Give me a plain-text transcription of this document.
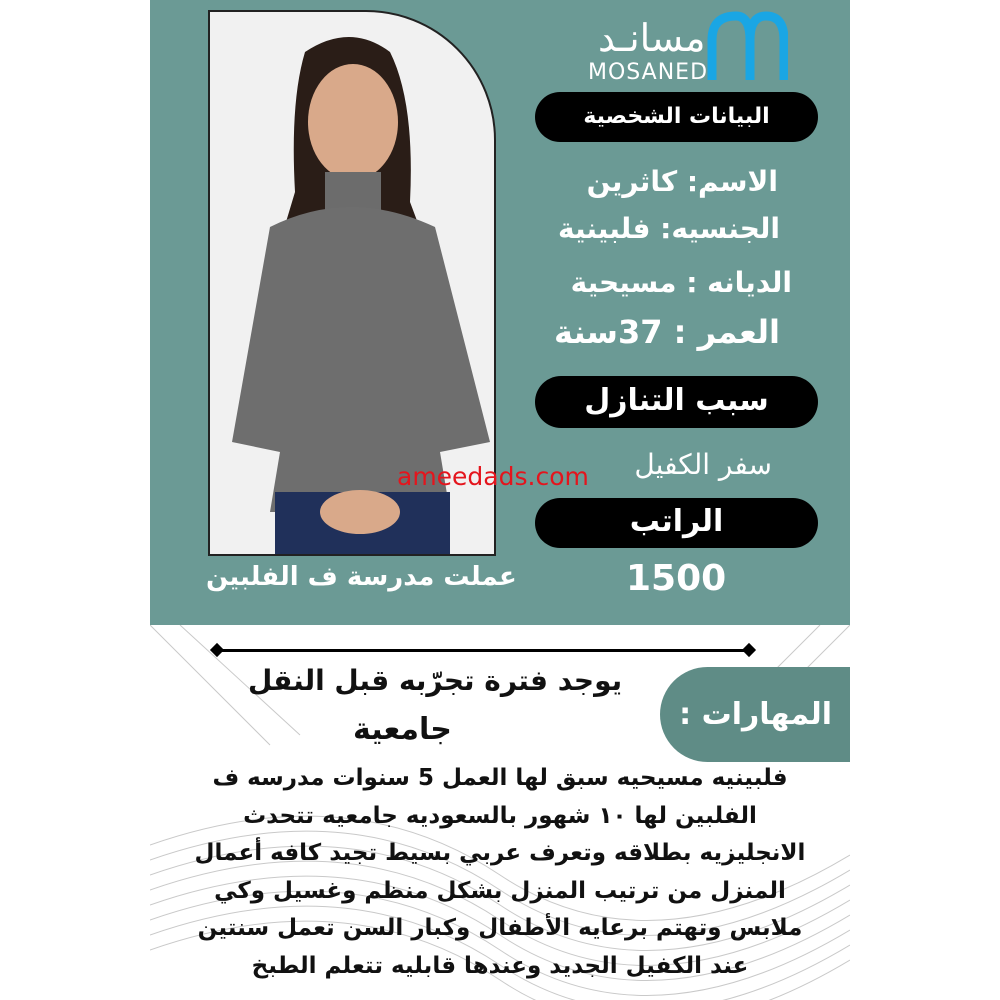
مسانـد
MOSANED
البيانات الشخصية
الاسم: كاثرين
الجنسيه: فلبينية
الديانه : مسيحية
العمر : 37سنة
سبب التنازل
سفر الكفيل
الراتب
1500
عملت مدرسة ف الفلبين
ameedads.com
المهارات :
يوجد فترة تجرّبه قبل النقل
جامعية
فلبينيه مسيحيه سبق لها العمل 5 سنوات مدرسه ف
الفلبين لها ١٠ شهور بالسعوديه جامعيه تتحدث
الانجليزيه بطلاقه وتعرف عربي بسيط تجيد كافه أعمال
المنزل من ترتيب المنزل بشكل منظم وغسيل وكي
ملابس وتهتم برعايه الأطفال وكبار السن تعمل سنتين
عند الكفيل الجديد وعندها قابليه تتعلم الطبخ
